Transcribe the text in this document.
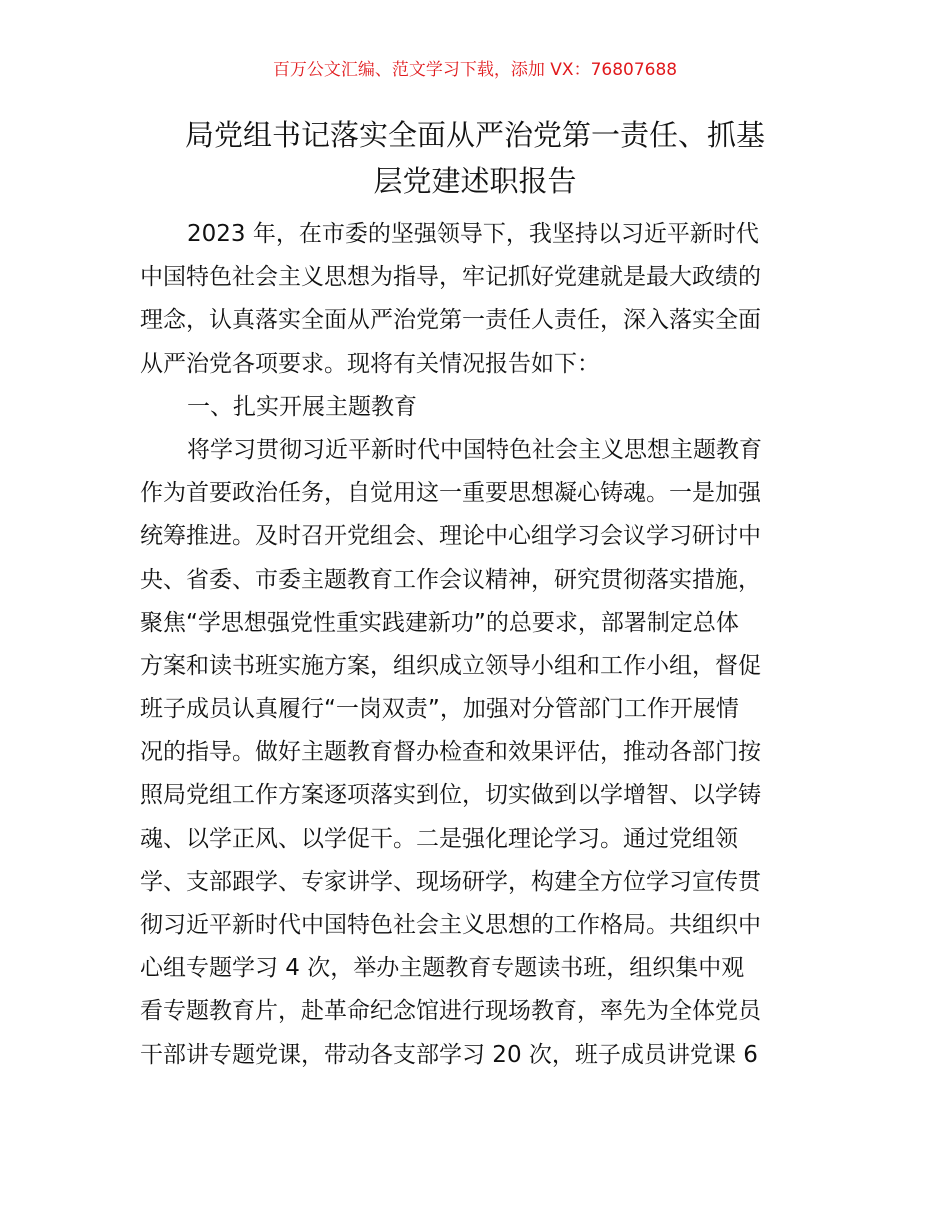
百万公文汇编、范文学习下载，添加 VX：76807688
局党组书记落实全面从严治党第一责任、抓基
层党建述职报告
2023 年，在市委的坚强领导下，我坚持以习近平新时代
中国特色社会主义思想为指导，牢记抓好党建就是最大政绩的
理念，认真落实全面从严治党第一责任人责任，深入落实全面
从严治党各项要求。现将有关情况报告如下：
一、扎实开展主题教育
将学习贯彻习近平新时代中国特色社会主义思想主题教育
作为首要政治任务，自觉用这一重要思想凝心铸魂。一是加强
统筹推进。及时召开党组会、理论中心组学习会议学习研讨中
央、省委、市委主题教育工作会议精神，研究贯彻落实措施，
聚焦“学思想强党性重实践建新功”的总要求，部署制定总体
方案和读书班实施方案，组织成立领导小组和工作小组，督促
班子成员认真履行“一岗双责”，加强对分管部门工作开展情
况的指导。做好主题教育督办检查和效果评估，推动各部门按
照局党组工作方案逐项落实到位，切实做到以学增智、以学铸
魂、以学正风、以学促干。二是强化理论学习。通过党组领
学、支部跟学、专家讲学、现场研学，构建全方位学习宣传贯
彻习近平新时代中国特色社会主义思想的工作格局。共组织中
心组专题学习 4 次，举办主题教育专题读书班，组织集中观
看专题教育片，赴革命纪念馆进行现场教育，率先为全体党员
干部讲专题党课，带动各支部学习 20 次，班子成员讲党课 6
